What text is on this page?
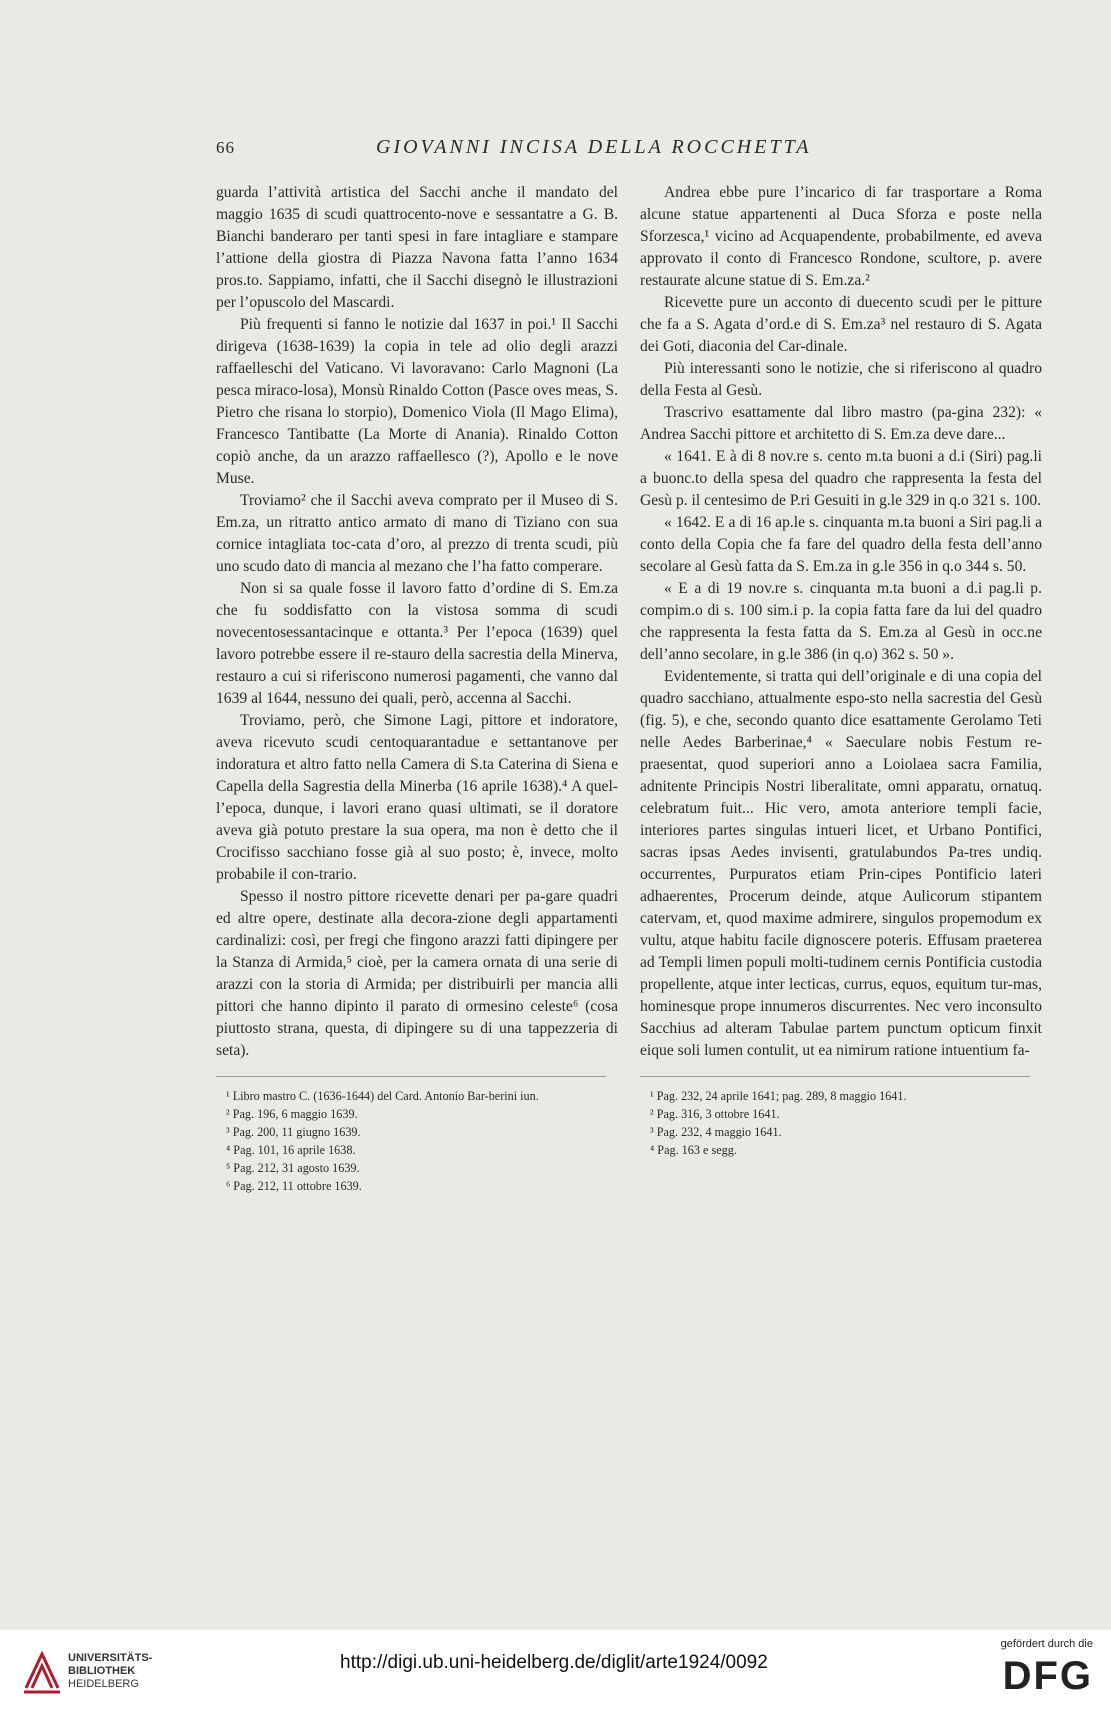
66	GIOVANNI INCISA DELLA ROCCHETTA

guarda l’attività artistica del Sacchi anche il mandato del maggio 1635 di scudi quattrocento-nove e sessantatre a G. B. Bianchi banderaro per tanti spesi in fare intagliare e stampare l’attione della giostra di Piazza Navona fatta l’anno 1634 pros.to. Sappiamo, infatti, che il Sacchi disegnò le illustrazioni per l’opuscolo del Mascardi.

Più frequenti si fanno le notizie dal 1637 in poi.¹ Il Sacchi dirigeva (1638-1639) la copia in tele ad olio degli arazzi raffaelleschi del Vaticano. Vi lavoravano: Carlo Magnoni (La pesca miraco-losa), Monsù Rinaldo Cotton (Pasce oves meas, S. Pietro che risana lo storpio), Domenico Viola (Il Mago Elima), Francesco Tantibatte (La Morte di Anania). Rinaldo Cotton copiò anche, da un arazzo raffaellesco (?), Apollo e le nove Muse.

Troviamo² che il Sacchi aveva comprato per il Museo di S. Em.za, un ritratto antico armato di mano di Tiziano con sua cornice intagliata toc-cata d’oro, al prezzo di trenta scudi, più uno scudo dato di mancia al mezano che l’ha fatto comperare.

Non si sa quale fosse il lavoro fatto d’ordine di S. Em.za che fu soddisfatto con la vistosa somma di scudi novecentosessantacinque e ottanta.³ Per l’epoca (1639) quel lavoro potrebbe essere il re-stauro della sacrestia della Minerva, restauro a cui si riferiscono numerosi pagamenti, che vanno dal 1639 al 1644, nessuno dei quali, però, accenna al Sacchi.

Troviamo, però, che Simone Lagi, pittore et indoratore, aveva ricevuto scudi centoquarantadue e settantanove per indoratura et altro fatto nella Camera di S.ta Caterina di Siena e Capella della Sagrestia della Minerba (16 aprile 1638).⁴ A quel-l’epoca, dunque, i lavori erano quasi ultimati, se il doratore aveva già potuto prestare la sua opera, ma non è detto che il Crocifisso sacchiano fosse già al suo posto; è, invece, molto probabile il con-trario.

Spesso il nostro pittore ricevette denari per pa-gare quadri ed altre opere, destinate alla decora-zione degli appartamenti cardinalizi: così, per fregi che fingono arazzi fatti dipingere per la Stanza di Armida,⁵ cioè, per la camera ornata di una serie di arazzi con la storia di Armida; per distribuirli per mancia alli pittori che hanno dipinto il parato di ormesino celeste⁶ (cosa piuttosto strana, questa, di dipingere su di una tappezzeria di seta).

¹ Libro mastro C. (1636-1644) del Card. Antonio Bar-berini iun.
² Pag. 196, 6 maggio 1639.
³ Pag. 200, 11 giugno 1639.
⁴ Pag. 101, 16 aprile 1638.
⁵ Pag. 212, 31 agosto 1639.
⁶ Pag. 212, 11 ottobre 1639.

Andrea ebbe pure l’incarico di far trasportare a Roma alcune statue appartenenti al Duca Sforza e poste nella Sforzesca,¹ vicino ad Acquapendente, probabilmente, ed aveva approvato il conto di Francesco Rondone, scultore, p. avere restaurate alcune statue di S. Em.za.²

Ricevette pure un acconto di duecento scudi per le pitture che fa a S. Agata d’ord.e di S. Em.za³ nel restauro di S. Agata dei Goti, diaconia del Car-dinale.

Più interessanti sono le notizie, che si riferiscono al quadro della Festa al Gesù.

Trascrivo esattamente dal libro mastro (pa-gina 232): « Andrea Sacchi pittore et architetto di S. Em.za deve dare...

« 1641. E à di 8 nov.re s. cento m.ta buoni a d.i (Siri) pag.li a buonc.to della spesa del quadro che rappresenta la festa del Gesù p. il centesimo de P.ri Gesuiti in g.le 329 in q.o 321 s. 100.

« 1642. E a di 16 ap.le s. cinquanta m.ta buoni a Siri pag.li a conto della Copia che fa fare del quadro della festa dell’anno secolare al Gesù fatta da S. Em.za in g.le 356 in q.o 344 s. 50.

« E a di 19 nov.re s. cinquanta m.ta buoni a d.i pag.li p. compim.o di s. 100 sim.i p. la copia fatta fare da lui del quadro che rappresenta la festa fatta da S. Em.za al Gesù in occ.ne dell’anno secolare, in g.le 386 (in q.o) 362 s. 50 ».

Evidentemente, si tratta qui dell’originale e di una copia del quadro sacchiano, attualmente espo-sto nella sacrestia del Gesù (fig. 5), e che, secondo quanto dice esattamente Gerolamo Teti nelle Aedes Barberinae,⁴ « Saeculare nobis Festum re-praesentat, quod superiori anno a Loiolaea sacra Familia, adnitente Principis Nostri liberalitate, omni apparatu, ornatuq. celebratum fuit... Hic vero, amota anteriore templi facie, interiores partes singulas intueri licet, et Urbano Pontifici, sacras ipsas Aedes invisenti, gratulabundos Pa-tres undiq. occurrentes, Purpuratos etiam Prin-cipes Pontificio lateri adhaerentes, Procerum deinde, atque Aulicorum stipantem catervam, et, quod maxime admirere, singulos propemodum ex vultu, atque habitu facile dignoscere poteris. Effusam praeterea ad Templi limen populi molti-tudinem cernis Pontificia custodia propellente, atque inter lecticas, currus, equos, equitum tur-mas, hominesque prope innumeros discurrentes. Nec vero inconsulto Sacchius ad alteram Tabulae partem punctum opticum finxit eique soli lumen contulit, ut ea nimirum ratione intuentium fa-

¹ Pag. 232, 24 aprile 1641; pag. 289, 8 maggio 1641.
² Pag. 316, 3 ottobre 1641.
³ Pag. 232, 4 maggio 1641.
⁴ Pag. 163 e segg.
UNIVERSITÄTS-
BIBLIOTHEK
HEIDELBERG
http://digi.ub.uni-heidelberg.de/diglit/arte1924/0092
gefördert durch die
DFG
